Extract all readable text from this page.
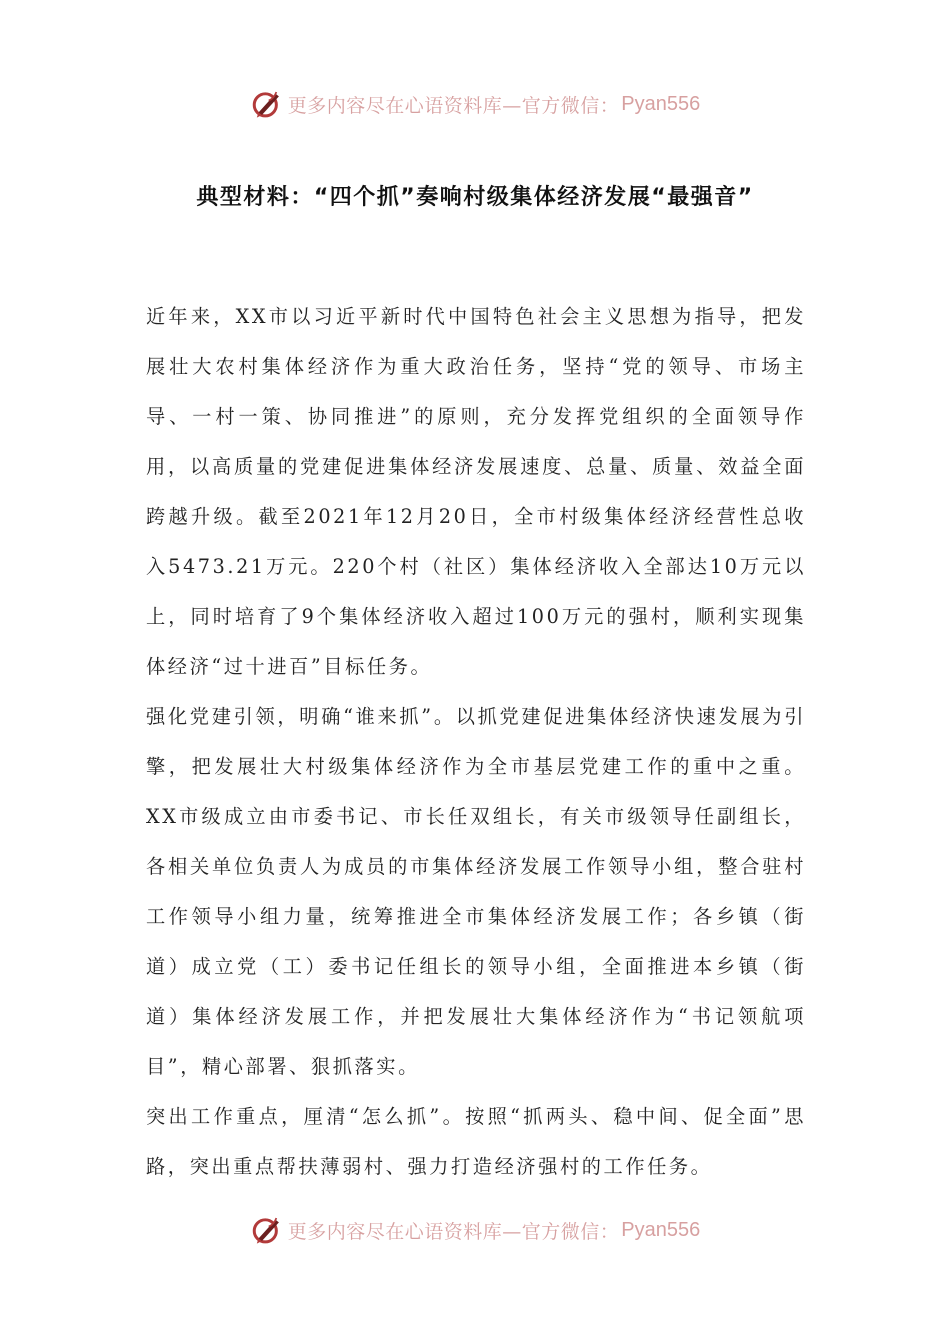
更多内容尽在心语资料库—官方微信： Pyan556
典型材料：“四个抓”奏响村级集体经济发展“最强音”

近年来，XX市以习近平新时代中国特色社会主义思想为指导，把发展壮大农村集体经济作为重大政治任务，坚持“党的领导、市场主导、一村一策、协同推进”的原则，充分发挥党组织的全面领导作用，以高质量的党建促进集体经济发展速度、总量、质量、效益全面跨越升级。截至2021年12月20日，全市村级集体经济经营性总收入5473.21万元。220个村（社区）集体经济收入全部达10万元以上，同时培育了9个集体经济收入超过100万元的强村，顺利实现集体经济“过十进百”目标任务。

强化党建引领，明确“谁来抓”。以抓党建促进集体经济快速发展为引擎，把发展壮大村级集体经济作为全市基层党建工作的重中之重。XX市级成立由市委书记、市长任双组长，有关市级领导任副组长，各相关单位负责人为成员的市集体经济发展工作领导小组，整合驻村工作领导小组力量，统筹推进全市集体经济发展工作；各乡镇（街道）成立党（工）委书记任组长的领导小组，全面推进本乡镇（街道）集体经济发展工作，并把发展壮大集体经济作为“书记领航项目”，精心部署、狠抓落实。

突出工作重点，厘清“怎么抓”。按照“抓两头、稳中间、促全面”思路，突出重点帮扶薄弱村、强力打造经济强村的工作任务。

更多内容尽在心语资料库—官方微信： Pyan556
